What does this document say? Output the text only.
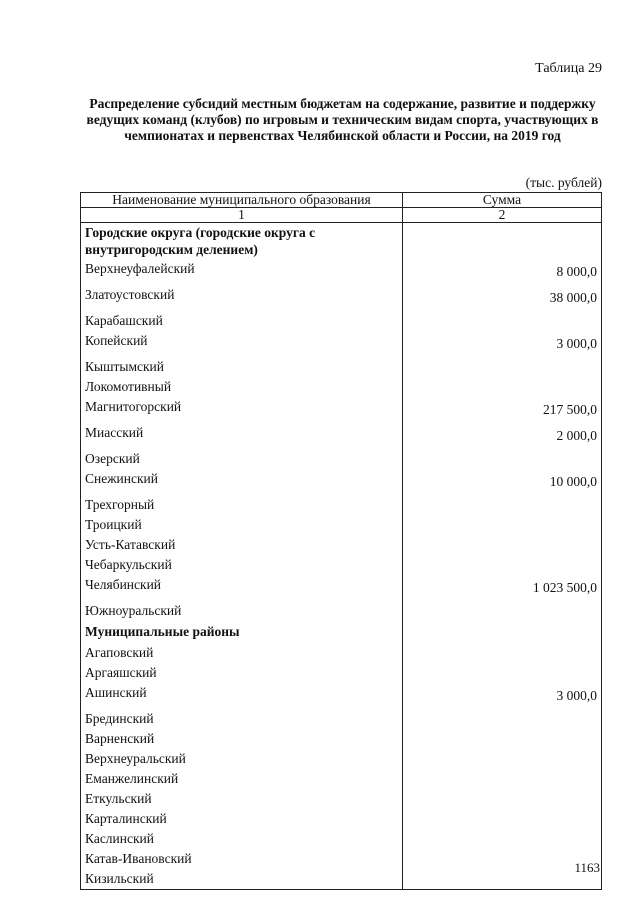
Таблица 29
Распределение субсидий местным бюджетам на содержание, развитие и поддержку ведущих команд (клубов) по игровым и техническим видам спорта, участвующих в чемпионатах и первенствах Челябинской области и России, на 2019 год
(тыс. рублей)
Наименование муниципального образования	Сумма
1	2
Городские округа (городские округа с внутригородским делением)	
Верхнеуфалейский	8 000,0
Златоустовский	38 000,0
Карабашский	
Копейский	3 000,0
Кыштымский	
Локомотивный	
Магнитогорский	217 500,0
Миасский	2 000,0
Озерский	
Снежинский	10 000,0
Трехгорный	
Троицкий	
Усть-Катавский	
Чебаркульский	
Челябинский	1 023 500,0
Южноуральский	
Муниципальные районы	
Агаповский	
Аргаяшский	
Ашинский	3 000,0
Брединский	
Варненский	
Верхнеуральский	
Еманжелинский	
Еткульский	
Карталинский	
Каслинский	
Катав-Ивановский	
Кизильский	
1163
